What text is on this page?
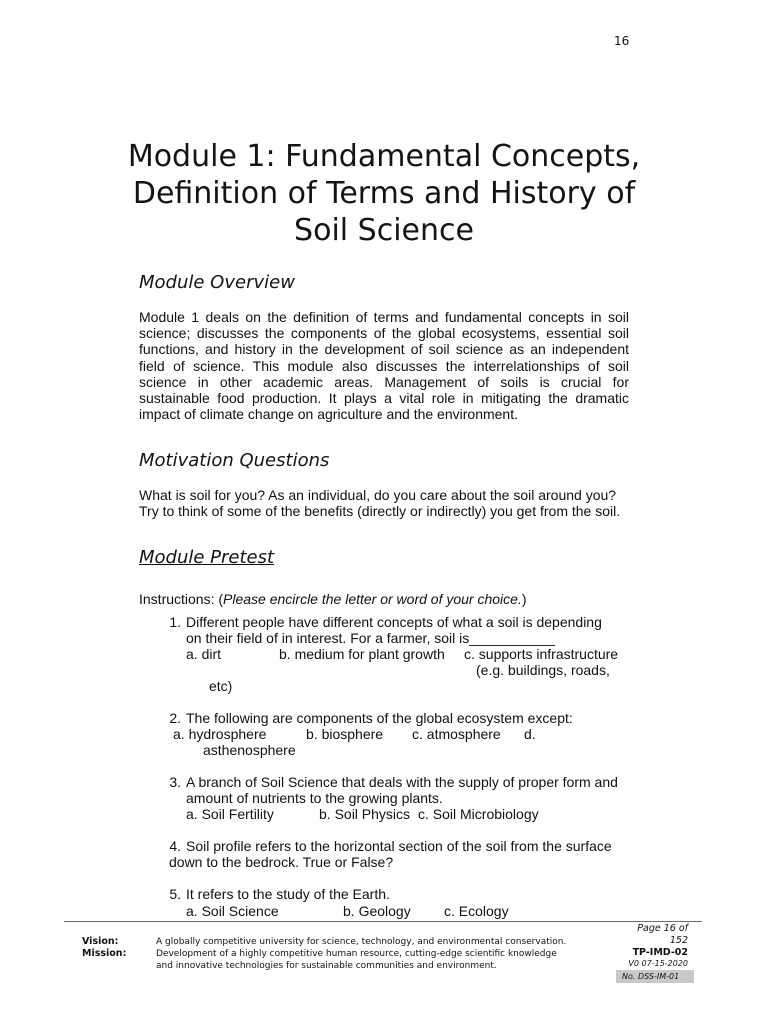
16
Module 1: Fundamental Concepts, Definition of Terms and History of Soil Science
Module Overview
Module 1 deals on the definition of terms and fundamental concepts in soil science; discusses the components of the global ecosystems, essential soil functions, and history in the development of soil science as an independent field of science. This module also discusses the interrelationships of soil science in other academic areas. Management of soils is crucial for sustainable food production. It plays a vital role in mitigating the dramatic impact of climate change on agriculture and the environment.
Motivation Questions
What is soil for you? As an individual, do you care about the soil around you? Try to think of some of the benefits (directly or indirectly) you get from the soil.
Module Pretest
Instructions: (Please encircle the letter or word of your choice.)
1. Different people have different concepts of what a soil is depending
on their field of in interest. For a farmer, soil is___________
a. dirt	b. medium for plant growth c. supports infrastructure
(e.g. buildings, roads,
etc)
2. The following are components of the global ecosystem except:
a. hydrosphere	b. biosphere c. atmosphere d.
asthenosphere
3. A branch of Soil Science that deals with the supply of proper form and
amount of nutrients to the growing plants.
a. Soil Fertility	b. Soil Physics c. Soil Microbiology
4. Soil profile refers to the horizontal section of the soil from the surface
down to the bedrock. True or False?
5. It refers to the study of the Earth.
a. Soil Science	b. Geology c. Ecology
Vision:
Mission:
A globally competitive university for science, technology, and environmental conservation.
Development of a highly competitive human resource, cutting-edge scientific knowledge
and innovative technologies for sustainable communities and environment.
Page 16 of
152
TP-IMD-02
V0 07-15-2020
No. DSS-IM-01
